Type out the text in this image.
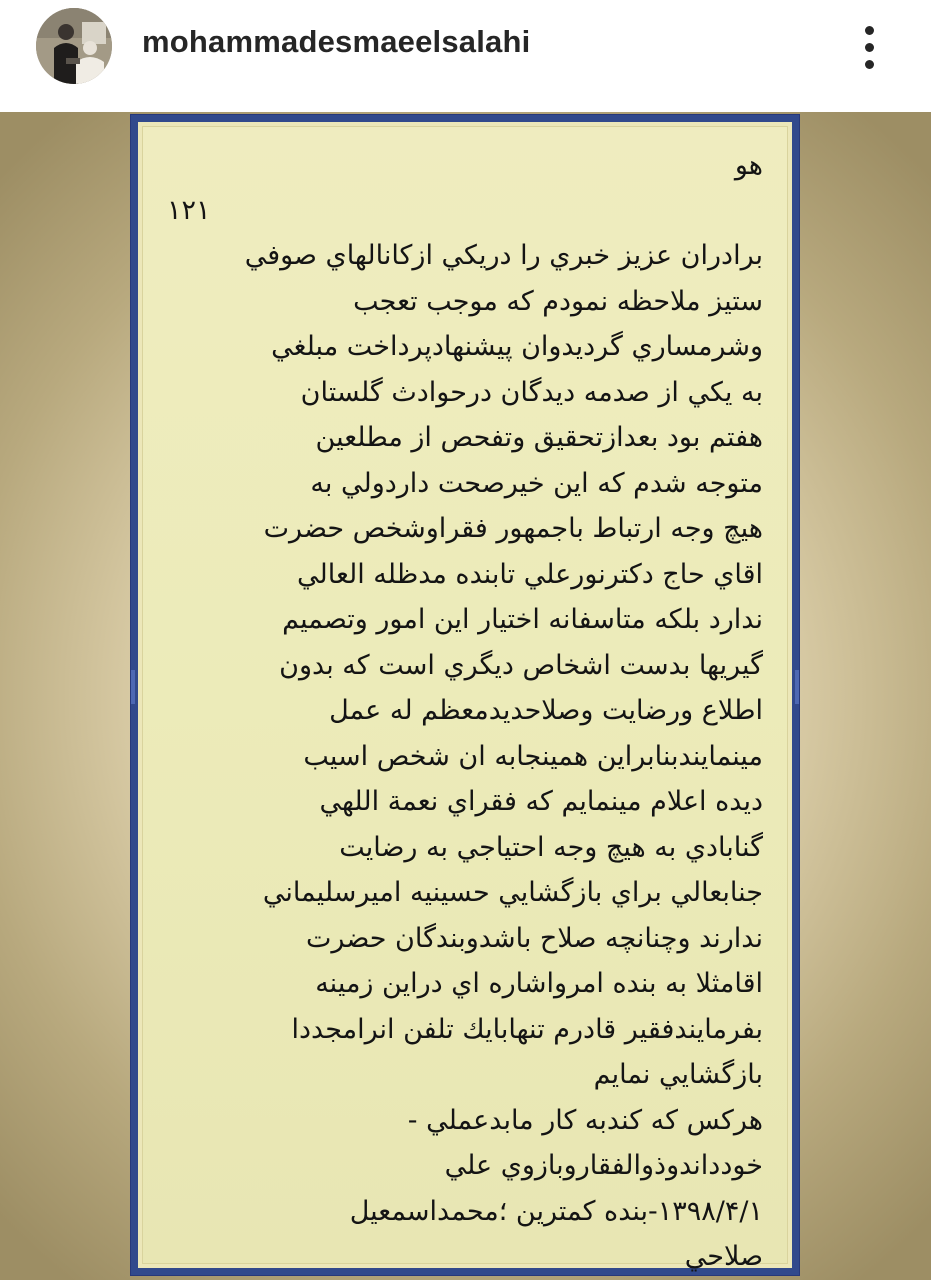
mohammadesmaeelsalahi
هو
۱۲۱
برادران عزيز خبري را دريكي ازكانالهاي صوفي
ستيز ملاحظه نمودم كه موجب تعجب
وشرمساري گرديدوان پيشنهادپرداخت مبلغي
به يكي از صدمه ديدگان درحوادث گلستان
هفتم بود بعدازتحقيق وتفحص از مطلعين
متوجه شدم كه اين خيرصحت داردولي به
هيچ وجه ارتباط باجمهور فقراوشخص حضرت
اقاي حاج دكترنورعلي تابنده مدظله العالي
ندارد بلكه متاسفانه اختيار اين امور وتصميم
گيريها بدست اشخاص ديگري است كه بدون
اطلاع ورضايت وصلاحديدمعظم له عمل
مينمايندبنابراين همينجابه ان شخص اسيب
ديده اعلام مينمايم كه فقراي نعمة اللهي
گنابادي به هيچ وجه احتياجي به رضايت
جنابعالي براي بازگشايي حسينيه اميرسليماني
ندارند وچنانچه صلاح باشدوبندگان حضرت
اقامثلا به بنده امرواشاره اي دراين زمينه
بفرمايندفقير قادرم تنهابايك تلفن انرامجددا
بازگشايي نمايم
هركس كه كندبه كار مابدعملي -
خودداندوذوالفقاروبازوي علي
۱۳۹۸/۴/۱-بنده كمترين ؛محمداسمعيل
صلاحي
